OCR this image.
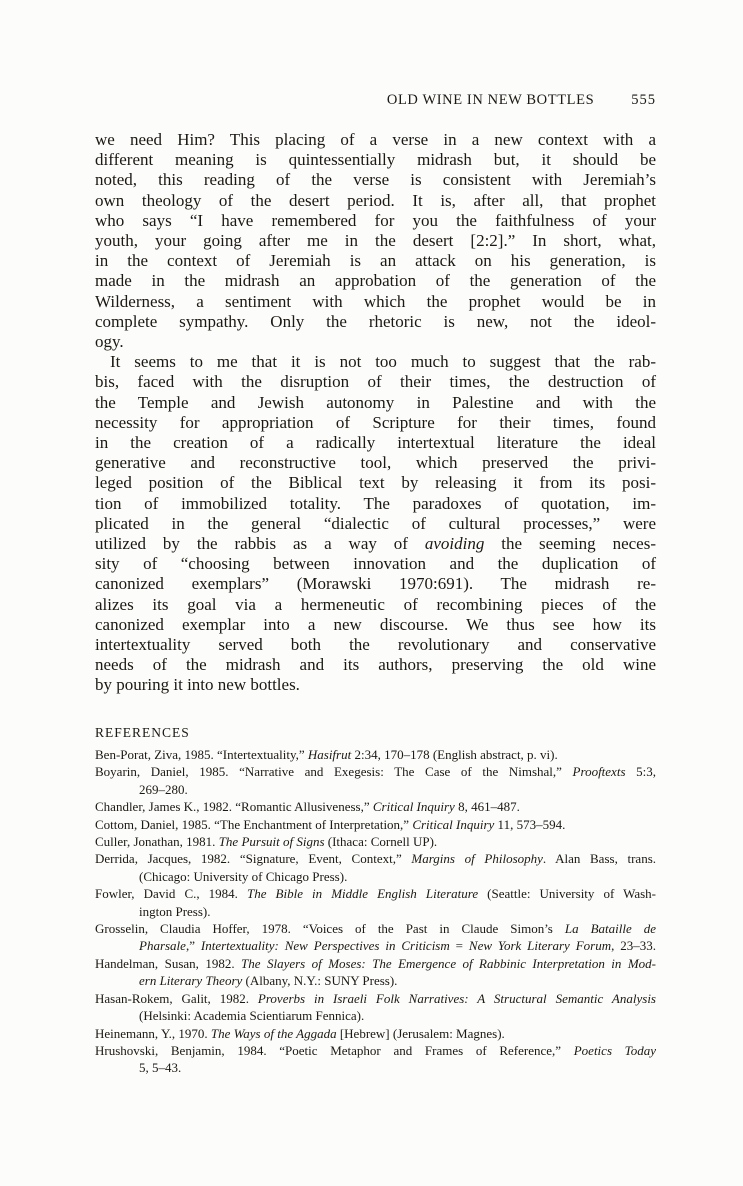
OLD WINE IN NEW BOTTLES	555
we need Him? This placing of a verse in a new context with a
different meaning is quintessentially midrash but, it should be
noted, this reading of the verse is consistent with Jeremiah’s
own theology of the desert period. It is, after all, that prophet
who says “I have remembered for you the faithfulness of your
youth, your going after me in the desert [2:2].” In short, what,
in the context of Jeremiah is an attack on his generation, is
made in the midrash an approbation of the generation of the
Wilderness, a sentiment with which the prophet would be in
complete sympathy. Only the rhetoric is new, not the ideol-
ogy.
It seems to me that it is not too much to suggest that the rab-
bis, faced with the disruption of their times, the destruction of
the Temple and Jewish autonomy in Palestine and with the
necessity for appropriation of Scripture for their times, found
in the creation of a radically intertextual literature the ideal
generative and reconstructive tool, which preserved the privi-
leged position of the Biblical text by releasing it from its posi-
tion of immobilized totality. The paradoxes of quotation, im-
plicated in the general “dialectic of cultural processes,” were
utilized by the rabbis as a way of avoiding the seeming neces-
sity of “choosing between innovation and the duplication of
canonized exemplars” (Morawski 1970:691). The midrash re-
alizes its goal via a hermeneutic of recombining pieces of the
canonized exemplar into a new discourse. We thus see how its
intertextuality served both the revolutionary and conservative
needs of the midrash and its authors, preserving the old wine
by pouring it into new bottles.
REFERENCES
Ben-Porat, Ziva, 1985. “Intertextuality,” Hasifrut 2:34, 170–178 (English abstract, p. vi).
Boyarin, Daniel, 1985. “Narrative and Exegesis: The Case of the Nimshal,” Prooftexts 5:3,
269–280.
Chandler, James K., 1982. “Romantic Allusiveness,” Critical Inquiry 8, 461–487.
Cottom, Daniel, 1985. “The Enchantment of Interpretation,” Critical Inquiry 11, 573–594.
Culler, Jonathan, 1981. The Pursuit of Signs (Ithaca: Cornell UP).
Derrida, Jacques, 1982. “Signature, Event, Context,” Margins of Philosophy. Alan Bass, trans.
(Chicago: University of Chicago Press).
Fowler, David C., 1984. The Bible in Middle English Literature (Seattle: University of Wash-
ington Press).
Grosselin, Claudia Hoffer, 1978. “Voices of the Past in Claude Simon’s La Bataille de
Pharsale,” Intertextuality: New Perspectives in Criticism = New York Literary Forum, 23–33.
Handelman, Susan, 1982. The Slayers of Moses: The Emergence of Rabbinic Interpretation in Mod-
ern Literary Theory (Albany, N.Y.: SUNY Press).
Hasan-Rokem, Galit, 1982. Proverbs in Israeli Folk Narratives: A Structural Semantic Analysis
(Helsinki: Academia Scientiarum Fennica).
Heinemann, Y., 1970. The Ways of the Aggada [Hebrew] (Jerusalem: Magnes).
Hrushovski, Benjamin, 1984. “Poetic Metaphor and Frames of Reference,” Poetics Today
5, 5–43.
